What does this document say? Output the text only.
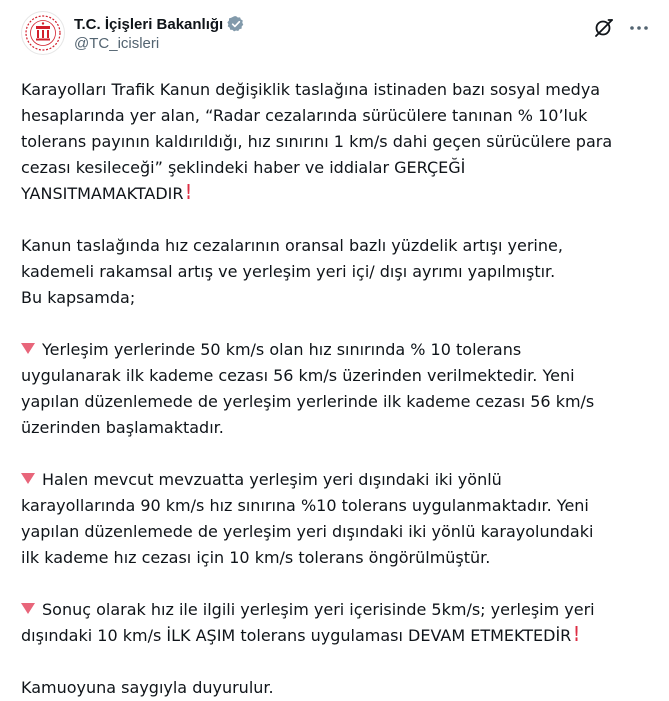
T.C. İçişleri Bakanlığı
@TC_icisleri

Karayolları Trafik Kanun değişiklik taslağına istinaden bazı sosyal medya
hesaplarında yer alan, “Radar cezalarında sürücülere tanınan % 10’luk
tolerans payının kaldırıldığı, hız sınırını 1 km/s dahi geçen sürücülere para
cezası kesileceği” şeklindeki haber ve iddialar GERÇEĞİ
YANSITMAMAKTADIR !

Kanun taslağında hız cezalarının oransal bazlı yüzdelik artışı yerine,
kademeli rakamsal artış ve yerleşim yeri içi/ dışı ayrımı yapılmıştır.
Bu kapsamda;

Yerleşim yerlerinde 50 km/s olan hız sınırında % 10 tolerans
uygulanarak ilk kademe cezası 56 km/s üzerinden verilmektedir. Yeni
yapılan düzenlemede de yerleşim yerlerinde ilk kademe cezası 56 km/s
üzerinden başlamaktadır.

Halen mevcut mevzuatta yerleşim yeri dışındaki iki yönlü
karayollarında 90 km/s hız sınırına %10 tolerans uygulanmaktadır. Yeni
yapılan düzenlemede de yerleşim yeri dışındaki iki yönlü karayolundaki
ilk kademe hız cezası için 10 km/s tolerans öngörülmüştür.

Sonuç olarak hız ile ilgili yerleşim yeri içerisinde 5km/s; yerleşim yeri
dışındaki 10 km/s İLK AŞIM tolerans uygulaması DEVAM ETMEKTEDİR !

Kamuoyuna saygıyla duyurulur.
